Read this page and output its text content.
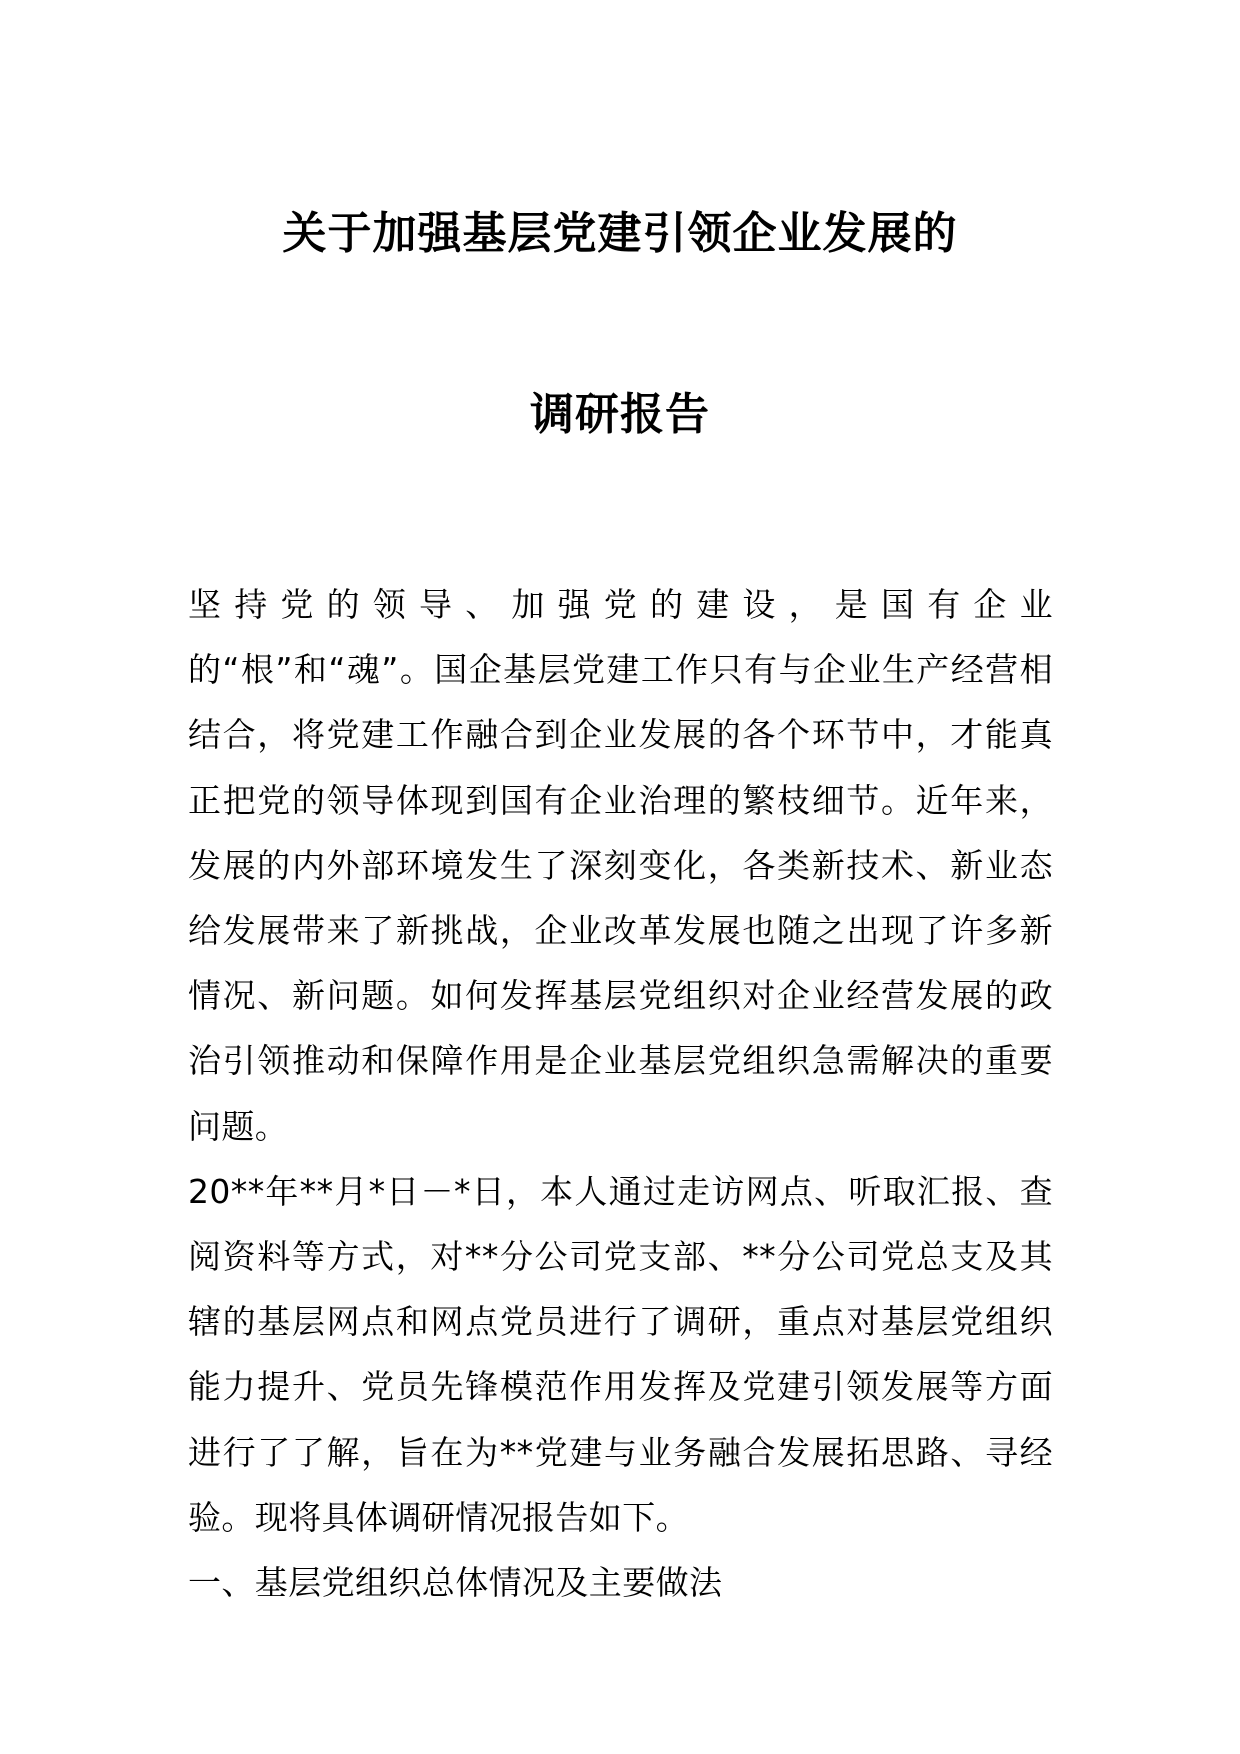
关于加强基层党建引领企业发展的
调研报告

坚持党的领导、加强党的建设，是国有企业的“根”和“魂”。国企基层党建工作只有与企业生产经营相结合，将党建工作融合到企业发展的各个环节中，才能真正把党的领导体现到国有企业治理的繁枝细节。近年来，发展的内外部环境发生了深刻变化，各类新技术、新业态给发展带来了新挑战，企业改革发展也随之出现了许多新情况、新问题。如何发挥基层党组织对企业经营发展的政治引领推动和保障作用是企业基层党组织急需解决的重要问题。

20**年**月*日－*日，本人通过走访网点、听取汇报、查阅资料等方式，对**分公司党支部、**分公司党总支及其辖的基层网点和网点党员进行了调研，重点对基层党组织能力提升、党员先锋模范作用发挥及党建引领发展等方面进行了了解，旨在为**党建与业务融合发展拓思路、寻经验。现将具体调研情况报告如下。

一、基层党组织总体情况及主要做法
